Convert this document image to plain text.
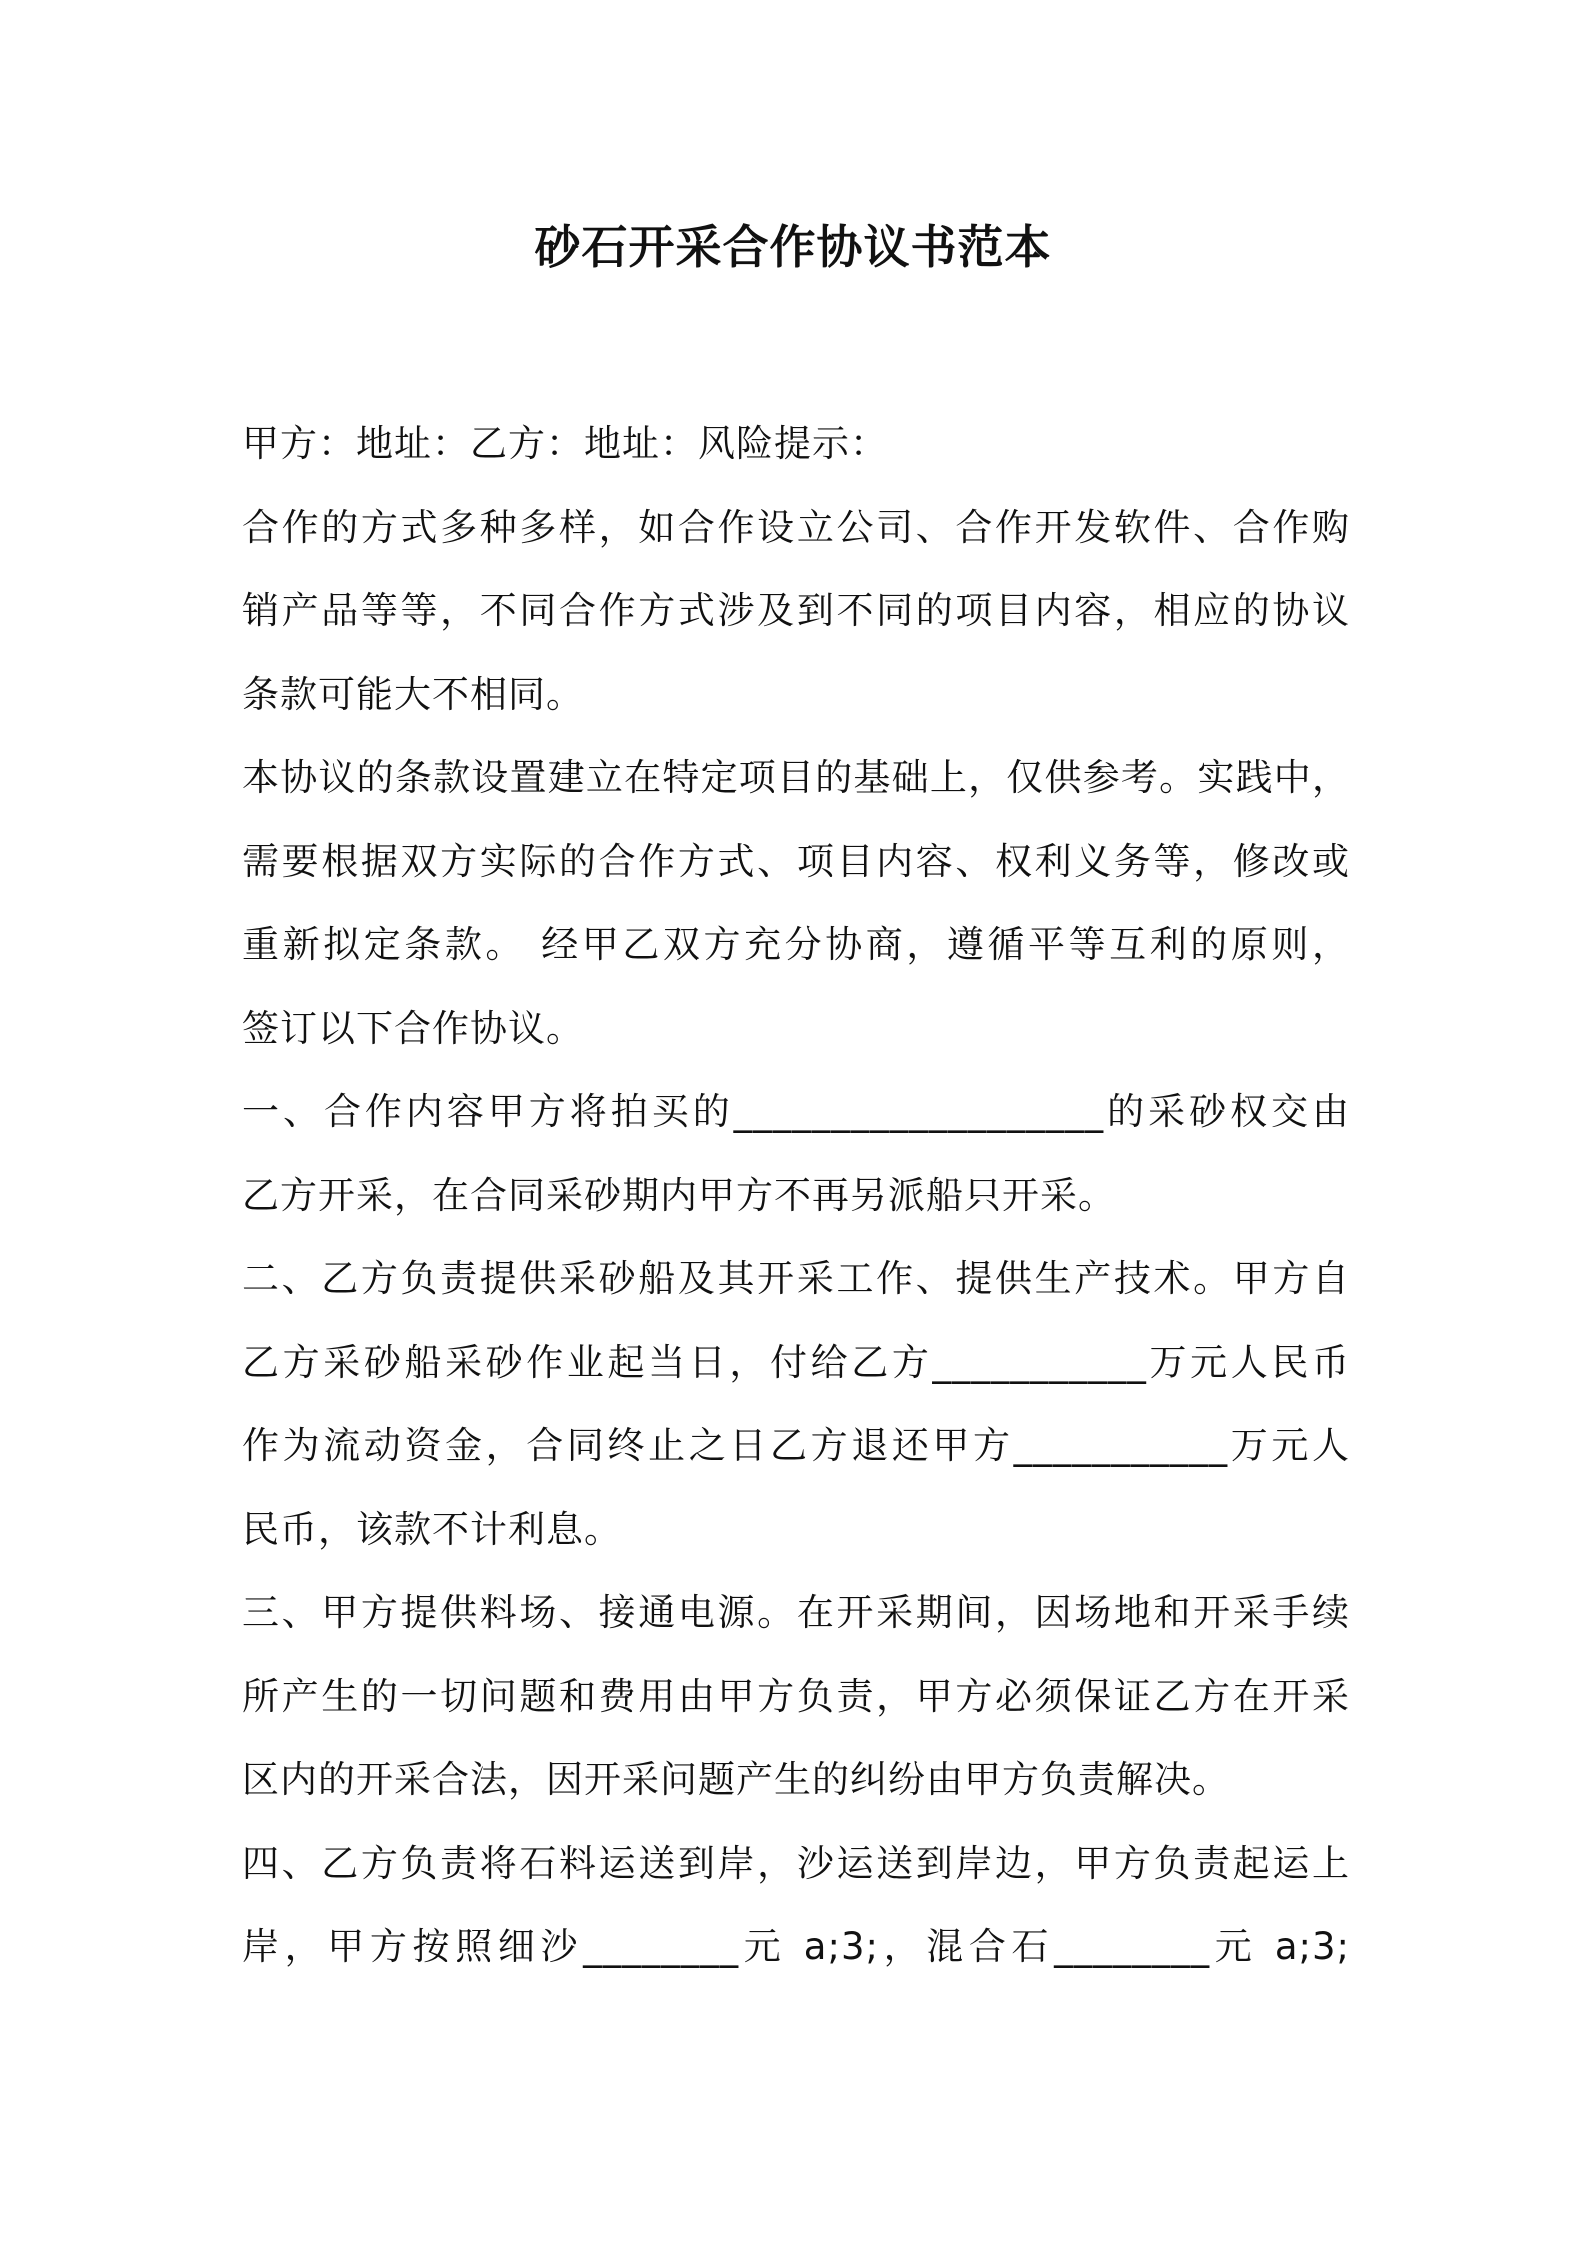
砂石开采合作协议书范本
甲方：地址：乙方：地址：风险提示：
合作的方式多种多样，如合作设立公司、合作开发软件、合作购
销产品等等，不同合作方式涉及到不同的项目内容，相应的协议
条款可能大不相同。
本协议的条款设置建立在特定项目的基础上，仅供参考。实践中，
需要根据双方实际的合作方式、项目内容、权利义务等，修改或
重新拟定条款。 经甲乙双方充分协商，遵循平等互利的原则，
签订以下合作协议。
一、合作内容甲方将拍买的___________________的采砂权交由
乙方开采，在合同采砂期内甲方不再另派船只开采。
二、乙方负责提供采砂船及其开采工作、提供生产技术。甲方自
乙方采砂船采砂作业起当日，付给乙方___________万元人民币
作为流动资金，合同终止之日乙方退还甲方___________万元人
民币，该款不计利息。
三、甲方提供料场、接通电源。在开采期间，因场地和开采手续
所产生的一切问题和费用由甲方负责，甲方必须保证乙方在开采
区内的开采合法，因开采问题产生的纠纷由甲方负责解决。
四、乙方负责将石料运送到岸，沙运送到岸边，甲方负责起运上
岸，甲方按照细沙________元 a;3;，混合石________元 a;3;
